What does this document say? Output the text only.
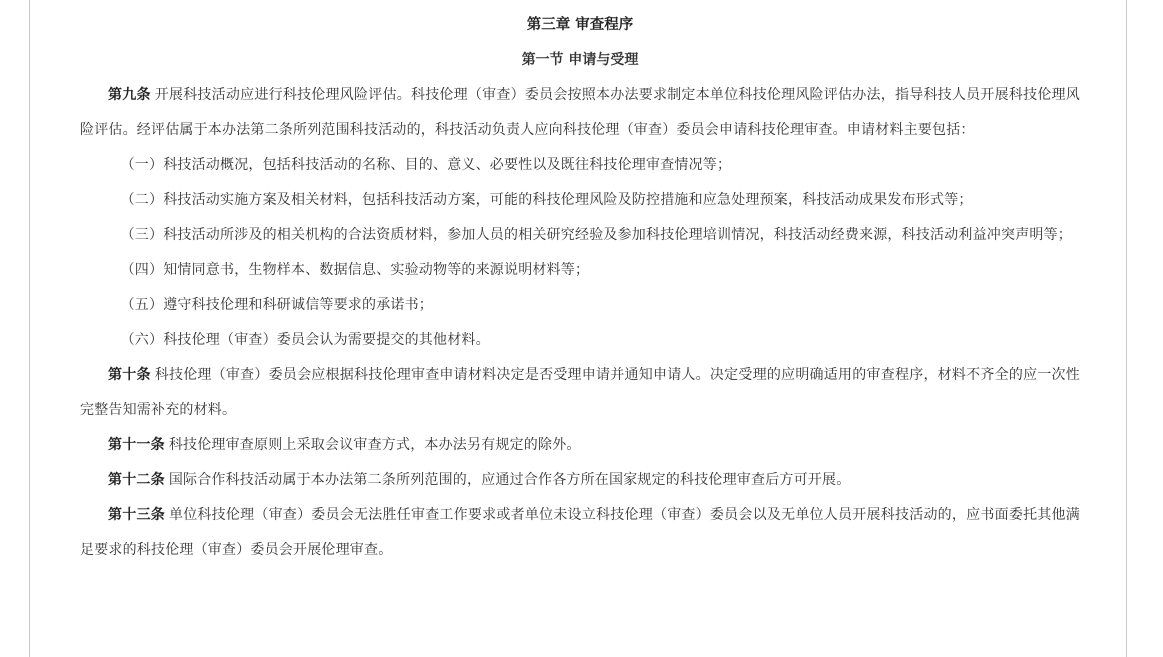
第三章 审查程序
第一节 申请与受理

第九条 开展科技活动应进行科技伦理风险评估。科技伦理（审查）委员会按照本办法要求制定本单位科技伦理风险评估办法，指导科技人员开展科技伦理风险评估。经评估属于本办法第二条所列范围科技活动的，科技活动负责人应向科技伦理（审查）委员会申请科技伦理审查。申请材料主要包括：

（一）科技活动概况，包括科技活动的名称、目的、意义、必要性以及既往科技伦理审查情况等；

（二）科技活动实施方案及相关材料，包括科技活动方案，可能的科技伦理风险及防控措施和应急处理预案，科技活动成果发布形式等；

（三）科技活动所涉及的相关机构的合法资质材料，参加人员的相关研究经验及参加科技伦理培训情况，科技活动经费来源，科技活动利益冲突声明等；

（四）知情同意书，生物样本、数据信息、实验动物等的来源说明材料等；

（五）遵守科技伦理和科研诚信等要求的承诺书；

（六）科技伦理（审查）委员会认为需要提交的其他材料。

第十条 科技伦理（审查）委员会应根据科技伦理审查申请材料决定是否受理申请并通知申请人。决定受理的应明确适用的审查程序，材料不齐全的应一次性完整告知需补充的材料。

第十一条 科技伦理审查原则上采取会议审查方式，本办法另有规定的除外。

第十二条 国际合作科技活动属于本办法第二条所列范围的，应通过合作各方所在国家规定的科技伦理审查后方可开展。

第十三条 单位科技伦理（审查）委员会无法胜任审查工作要求或者单位未设立科技伦理（审查）委员会以及无单位人员开展科技活动的，应书面委托其他满足要求的科技伦理（审查）委员会开展伦理审查。
